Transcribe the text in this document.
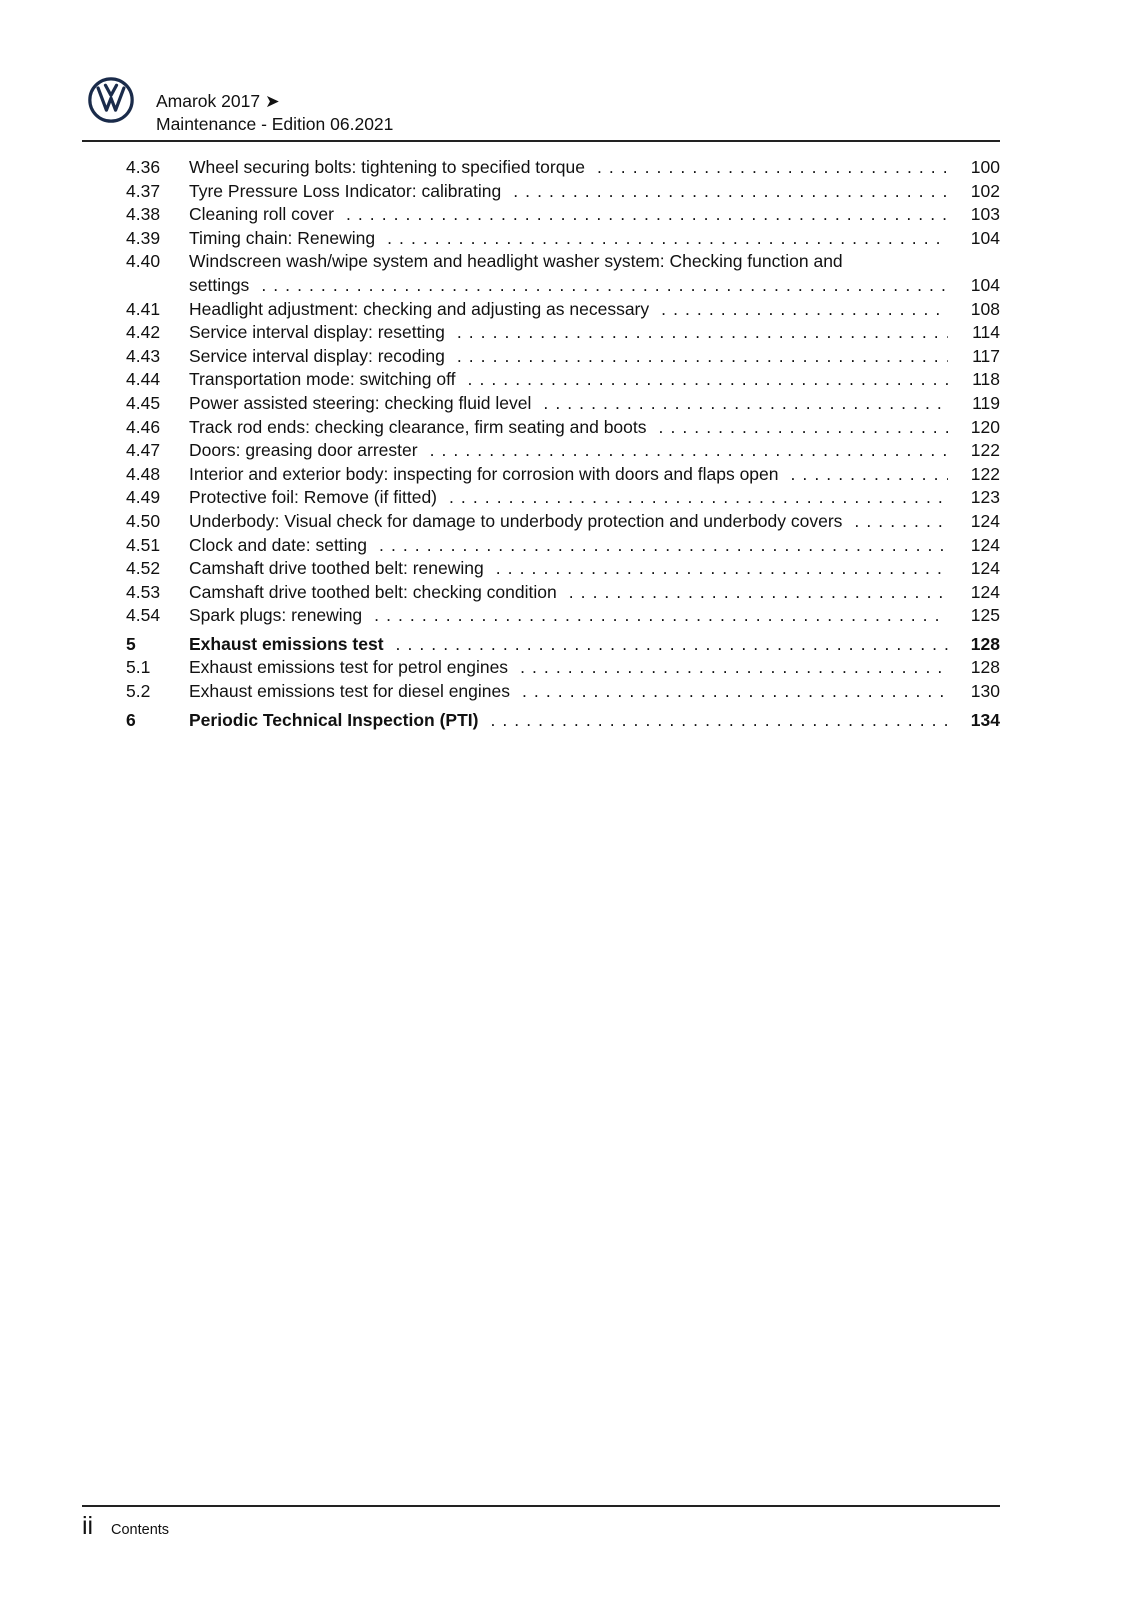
Amarok 2017 ➤
Maintenance - Edition 06.2021
4.36	Wheel securing bolts: tightening to specified torque . . .	100
4.37	Tyre Pressure Loss Indicator: calibrating . . .	102
4.38	Cleaning roll cover . . .	103
4.39	Timing chain: Renewing . . .	104
4.40	Windscreen wash/wipe system and headlight washer system: Checking function and
settings . . .	104
4.41	Headlight adjustment: checking and adjusting as necessary . . .	108
4.42	Service interval display: resetting . . .	114
4.43	Service interval display: recoding . . .	117
4.44	Transportation mode: switching off . . .	118
4.45	Power assisted steering: checking fluid level . . .	119
4.46	Track rod ends: checking clearance, firm seating and boots . . .	120
4.47	Doors: greasing door arrester . . .	122
4.48	Interior and exterior body: inspecting for corrosion with doors and flaps open . . .	122
4.49	Protective foil: Remove (if fitted) . . .	123
4.50	Underbody: Visual check for damage to underbody protection and underbody covers . . .	124
4.51	Clock and date: setting . . .	124
4.52	Camshaft drive toothed belt: renewing . . .	124
4.53	Camshaft drive toothed belt: checking condition . . .	124
4.54	Spark plugs: renewing . . .	125
5	Exhaust emissions test . . .	128
5.1	Exhaust emissions test for petrol engines . . .	128
5.2	Exhaust emissions test for diesel engines . . .	130
6	Periodic Technical Inspection (PTI) . . .	134
ii Contents
